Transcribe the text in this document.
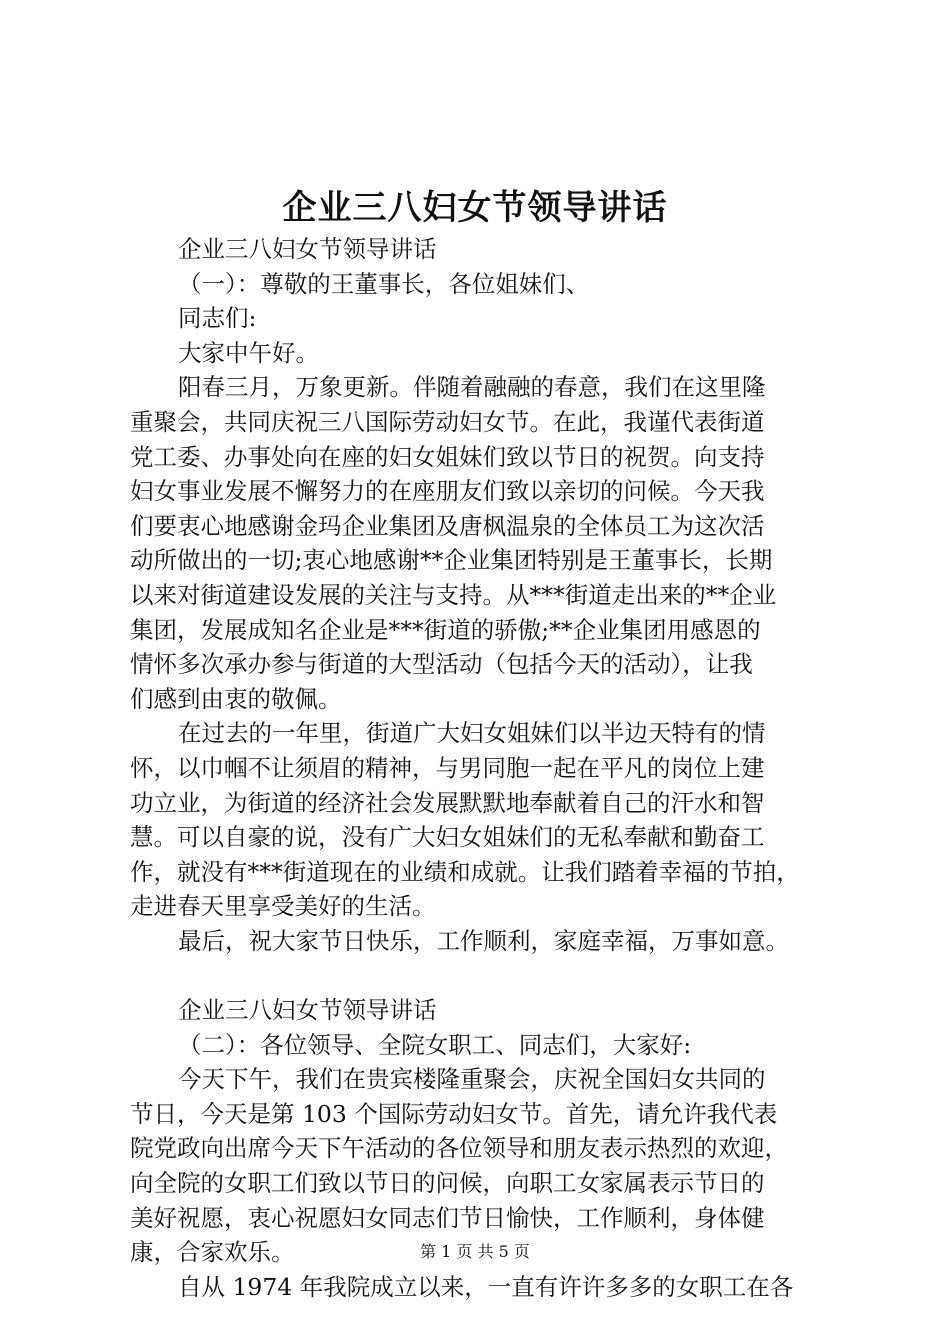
企业三八妇女节领导讲话
企业三八妇女节领导讲话
（一）：尊敬的王董事长，各位姐妹们、
同志们:
大家中午好。
阳春三月，万象更新。伴随着融融的春意，我们在这里隆
重聚会，共同庆祝三八国际劳动妇女节。在此，我谨代表街道
党工委、办事处向在座的妇女姐妹们致以节日的祝贺。向支持
妇女事业发展不懈努力的在座朋友们致以亲切的问候。今天我
们要衷心地感谢金玛企业集团及唐枫温泉的全体员工为这次活
动所做出的一切;衷心地感谢**企业集团特别是王董事长，长期
以来对街道建设发展的关注与支持。从***街道走出来的**企业
集团，发展成知名企业是***街道的骄傲;**企业集团用感恩的
情怀多次承办参与街道的大型活动（包括今天的活动），让我
们感到由衷的敬佩。
在过去的一年里，街道广大妇女姐妹们以半边天特有的情
怀，以巾帼不让须眉的精神，与男同胞一起在平凡的岗位上建
功立业，为街道的经济社会发展默默地奉献着自己的汗水和智
慧。可以自豪的说，没有广大妇女姐妹们的无私奉献和勤奋工
作，就没有***街道现在的业绩和成就。让我们踏着幸福的节拍，
走进春天里享受美好的生活。
最后，祝大家节日快乐，工作顺利，家庭幸福，万事如意。
企业三八妇女节领导讲话
（二）：各位领导、全院女职工、同志们，大家好:
今天下午，我们在贵宾楼隆重聚会，庆祝全国妇女共同的
节日，今天是第 103 个国际劳动妇女节。首先，请允许我代表
院党政向出席今天下午活动的各位领导和朋友表示热烈的欢迎，
向全院的女职工们致以节日的问候，向职工女家属表示节日的
美好祝愿，衷心祝愿妇女同志们节日愉快，工作顺利，身体健
康，合家欢乐。
自从 1974 年我院成立以来，一直有许许多多的女职工在各
第 1 页 共 5 页
